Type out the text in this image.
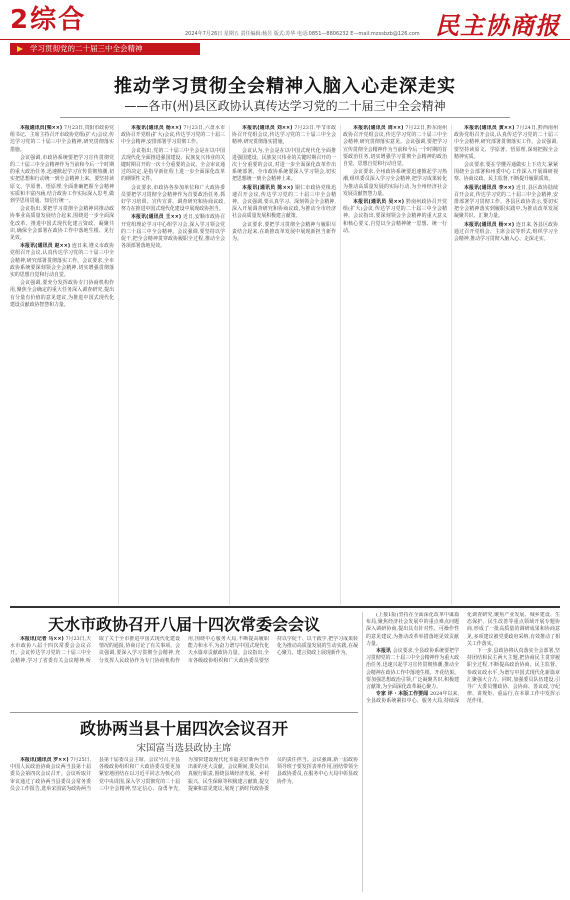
2综合	2024年7月26日 星期五 责任编辑:杨昱 版式:苏华 电话:0851—8806232 E—mail:mzxsbzb@126.com 民主协商报
学习贯彻党的二十届三中全会精神
推动学习贯彻全会精神入脑入心走深走实
——各市(州)县区政协认真传达学习党的二十届三中全会精神

本报通讯员(梁××) 7月23日,贵阳市政协党组书记、主席主持召开市政协党组(扩大)会议,传达学习党的二十届三中全会精神,研究贯彻落实措施。

会议强调,市政协系统要把学习宣传贯彻党的二十届三中全会精神作为当前和今后一个时期的重大政治任务,迅速掀起学习宣传贯彻热潮,切实把思想和行动统一到全会精神上来。要坚持读原文、学原著、悟原理,全面准确把握全会精神实质和丰富内涵,结合政协工作实际深入思考,做到学思用贯通、知信行统一。

会议指出,要把学习贯彻全会精神同推动政协事业高质量发展结合起来,围绕进一步全面深化改革、推进中国式现代化建言资政、凝聚共识,确保全会部署在政协工作中落地生根、见行见效。

本报讯(通讯员 赵××) 连日来,遵义市政协党组召开会议,认真传达学习党的二十届三中全会精神,研究部署贯彻落实工作。会议要求,全市政协系统要深刻领会全会精神,切实增强贯彻落实的思想自觉和行动自觉。

会议强调,要充分发挥政协专门协商机构作用,聚焦全会确定的重大任务深入调查研究,提出有分量有价值的意见建议,为推进中国式现代化建设贡献政协智慧和力量。

本报讯(通讯员 杨××) 7月23日,六盘水市政协召开党组(扩大)会议,传达学习党的二十届三中全会精神,安排部署学习贯彻工作。

会议指出,党的二十届三中全会是在以中国式现代化全面推进强国建设、民族复兴伟业的关键时期召开的一次十分重要的会议。全会审议通过的决定,是指导新征程上进一步全面深化改革的纲领性文件。

会议要求,市政协各参加单位和广大政协委员要把学习贯彻全会精神作为首要政治任务,抓好学习培训、宣传宣讲、调查研究和协商议政,努力在推进中国式现代化建设中展现政协担当。

本报讯(通讯员 王××) 近日,安顺市政协召开党组理论学习中心组学习会,深入学习领会党的二十届三中全会精神。会议强调,要坚持以学促干,把全会精神贯穿政协履职全过程,推动全会各项部署落地见效。

本报讯(通讯员 刘××) 7月23日,毕节市政协召开党组会议,传达学习党的二十届三中全会精神,研究贯彻落实措施。

会议认为,全会是在以中国式现代化全面推进强国建设、民族复兴伟业的关键时期召开的一次十分重要的会议,对进一步全面深化改革作出系统部署。全市政协系统要深入学习领会,切实把思想统一到全会精神上来。

本报讯(通讯员 陈××) 铜仁市政协党组迅速召开会议,传达学习党的二十届三中全会精神。会议强调,要认真学习、深刻领会全会精神,深入开展调查研究和协商议政,为推动全市经济社会高质量发展积极建言献策。

会议要求,要把学习贯彻全会精神与履职尽责结合起来,在助推改革发展中展现新担当新作为。

本报讯(通讯员 周××) 7月22日,黔东南州政协召开党组会议,传达学习党的二十届三中全会精神,研究贯彻落实意见。会议强调,要把学习宣传贯彻全会精神作为当前和今后一个时期的首要政治任务,切实增强学习贯彻全会精神的政治自觉、思想自觉和行动自觉。

会议要求,全州政协系统要迅速掀起学习热潮,组织委员深入学习全会精神,把学习成果转化为推动高质量发展的实际行动,为全州经济社会发展贡献智慧力量。

本报讯(通讯员 吴××) 黔南州政协召开党组(扩大)会议,传达学习党的二十届三中全会精神。会议指出,要深刻领会全会精神的重大意义和核心要义,自觉以全会精神统一思想、统一行动。

本报讯(通讯员 黄××) 7月24日,黔西南州政协党组召开会议,认真传达学习党的二十届三中全会精神,研究部署贯彻落实工作。会议强调,要坚持读原文、学原著、悟原理,深刻把握全会精神实质。

会议要求,要在学懂弄通做实上下功夫,紧紧围绕全会部署和州委中心工作深入开展调研视察、协商议政、民主监督,不断提升履职质效。

本报讯(通讯员 李××) 近日,县区政协陆续召开会议,传达学习党的二十届三中全会精神,安排部署学习贯彻工作。各县区政协表示,要切实把全会精神落实到履职实践中,为推动改革发展凝聚共识、汇聚力量。

本报讯(通讯员 杨××) 连日来,各县区政协通过召开党组会、主席会议等形式,组织学习全会精神,推动学习贯彻入脑入心、走深走实。

天水市政协召开八届十四次常委会会议

本报讯(记者 马××) 7月23日,天水市政协八届十四次常委会会议召开。会议传达学习党的二十届三中全会精神,学习了省委有关会议精神,听取了关于全市推进中国式现代化建设情况的通报,协商讨论了有关事项。会议强调,要深入学习贯彻全会精神,充分发挥人民政协作为专门协商机构作用,围绕中心服务大局,不断提高履职能力和水平,为奋力谱写中国式现代化天水篇章贡献政协力量。会议指出,全市各级政协组织和广大政协委员要坚持以学促干、以干践学,把学习成果转化为推动高质量发展的生动实践,在凝心聚力、建言资政上展现新作为。

政协两当县十届四次会议召开
宋国富当选县政协主席

本报讯(通讯员 罗××) 7月25日,中国人民政治协商会议两当县第十届委员会第四次会议召开。会议听取并审议通过了政协两当县委员会常务委员会工作报告,选举宋国富为政协两当县第十届委员会主席。会议号召,全县各级政协组织和广大政协委员要更加紧密地团结在以习近平同志为核心的党中央周围,深入学习贯彻党的二十届三中全会精神,坚定信心、奋勇争先,为加快建设现代化幸福美好新两当作出新的更大贡献。会议期间,委员们认真履行职责,围绕县域经济发展、乡村振兴、民生保障等积极建言献策,提交提案和意见建议,展现了新时代政协委员的责任担当。会议强调,新一届政协领导班子要发挥表率作用,团结带领全县政协委员,在服务中心大局中彰显政协作为。

(上接1版)坚持在全面深化改革中谋篇布局,聚焦经济社会发展中的重点难点问题深入调研协商,提出具有针对性、可操作性的意见建议,为推动改革举措落地见效贡献力量。

本报讯 会议要求,全县政协系统要把学习贯彻党的二十届三中全会精神作为重大政治任务,迅速兴起学习宣传贯彻热潮,推动全会精神在政协工作中落地生根、开花结果。要加强思想政治引领,广泛凝聚共识,积极建言献策,为全面深化改革凝心聚力。

专家 评 · 本版工作要闻 2024年以来,全县政协系统紧扣中心、服务大局,持续深化调查研究,聚焦产业发展、城乡建设、生态保护、民生改善等重点领域开展专题协商,形成了一批高质量的调研成果和协商意见,多项建议被党委政府采纳,有效推动了相关工作落实。

下一步,县政协将认真落实全会部署,坚持团结和民主两大主题,把协商民主贯穿履职全过程,不断提高政治协商、民主监督、参政议政水平,为谱写中国式现代化新篇章汇聚强大合力。同时,加强委员队伍建设,引导广大委员懂政协、会协商、善议政,守纪律、讲规矩、重品行,在本职工作中发挥示范作用。
